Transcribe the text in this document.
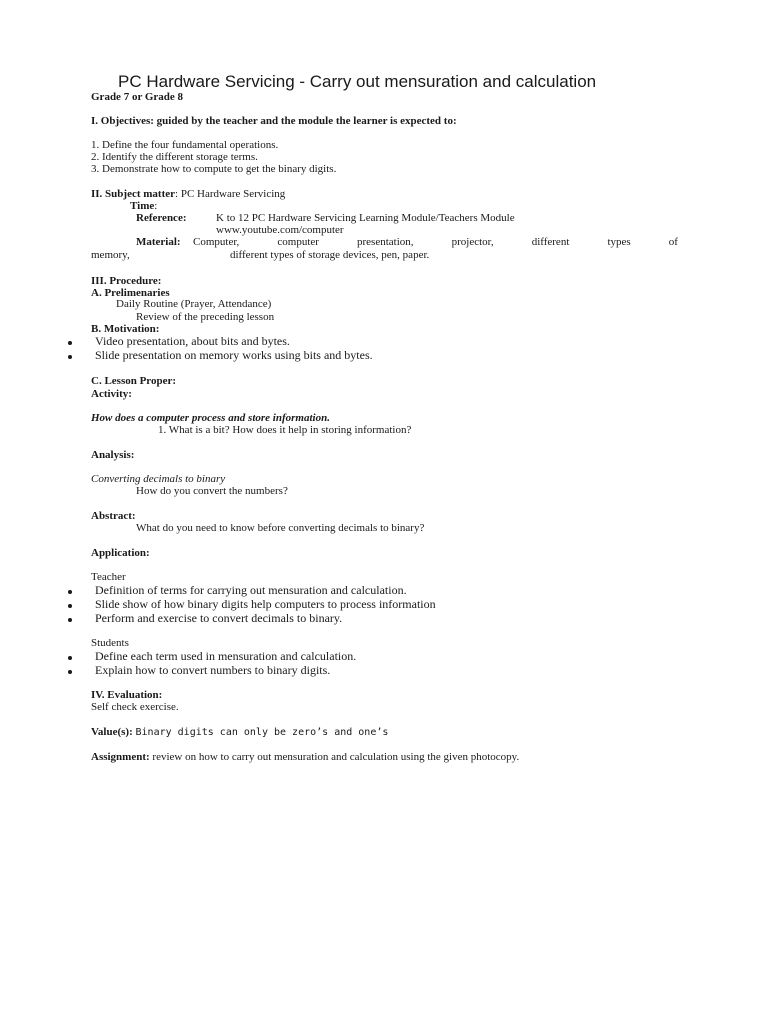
PC Hardware Servicing - Carry out mensuration and calculation
Grade 7 or Grade 8
I. Objectives: guided by the teacher and the module the learner is expected to:
1. Define the four fundamental operations.
2. Identify the different storage terms.
3. Demonstrate how to compute to get the binary digits.
II. Subject matter: PC Hardware Servicing
Time:
Reference:	K to 12 PC Hardware Servicing Learning Module/Teachers Module
www.youtube.com/computer
Material: Computer,	computer	presentation,	projector,	different	types	of
memory,	different types of storage devices, pen, paper.
III. Procedure:
A. Prelimenaries
Daily Routine (Prayer, Attendance)
Review of the preceding lesson
B. Motivation:
Video presentation, about bits and bytes.
Slide presentation on memory works using bits and bytes.
C. Lesson Proper:
Activity:
How does a computer process and store information.
1. What is a bit? How does it help in storing information?
Analysis:
Converting decimals to binary
How do you convert the numbers?
Abstract:
What do you need to know before converting decimals to binary?
Application:
Teacher
Definition of terms for carrying out mensuration and calculation.
Slide show of how binary digits help computers to process information
Perform and exercise to convert decimals to binary.
Students
Define each term used in mensuration and calculation.
Explain how to convert numbers to binary digits.
IV. Evaluation:
Self check exercise.
Value(s): Binary digits can only be zero’s and one’s
Assignment: review on how to carry out mensuration and calculation using the given photocopy.
